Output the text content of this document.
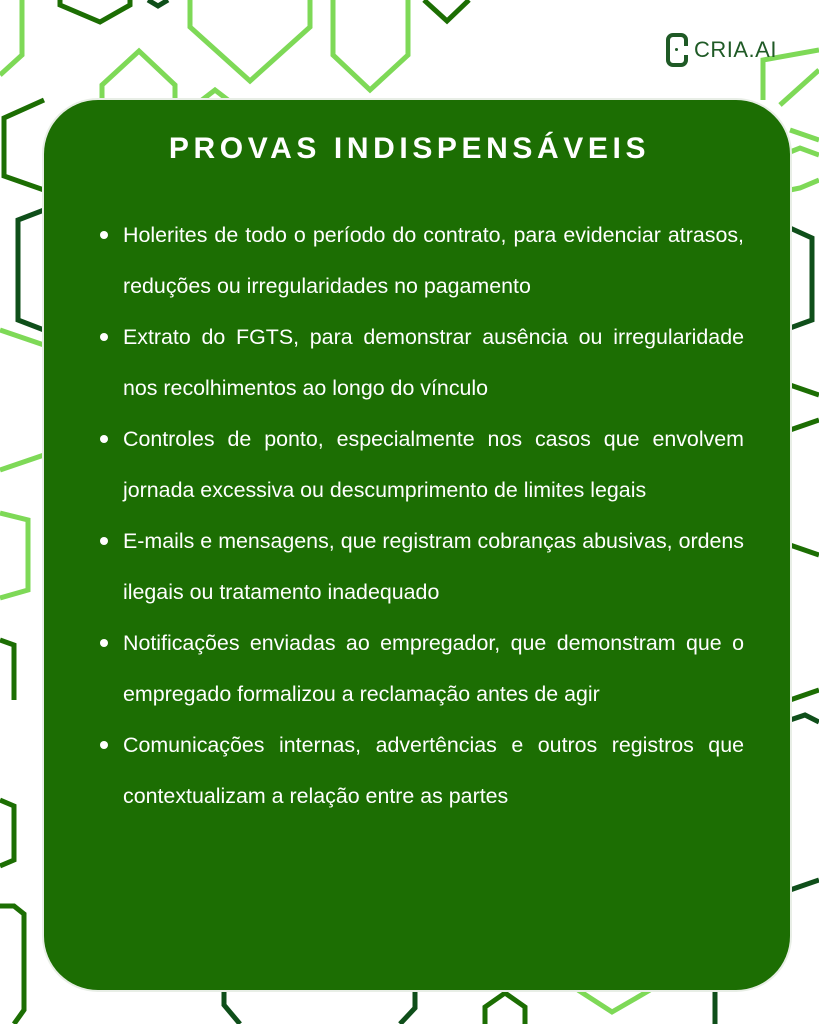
CRIA.AI
PROVAS INDISPENSÁVEIS
Holerites de todo o período do contrato, para evidenciar atrasos, reduções ou irregularidades no pagamento
Extrato do FGTS, para demonstrar ausência ou irregularidade nos recolhimentos ao longo do vínculo
Controles de ponto, especialmente nos casos que envolvem jornada excessiva ou descumprimento de limites legais
E-mails e mensagens, que registram cobranças abusivas, ordens ilegais ou tratamento inadequado
Notificações enviadas ao empregador, que demonstram que o empregado formalizou a reclamação antes de agir
Comunicações internas, advertências e outros registros que contextualizam a relação entre as partes
